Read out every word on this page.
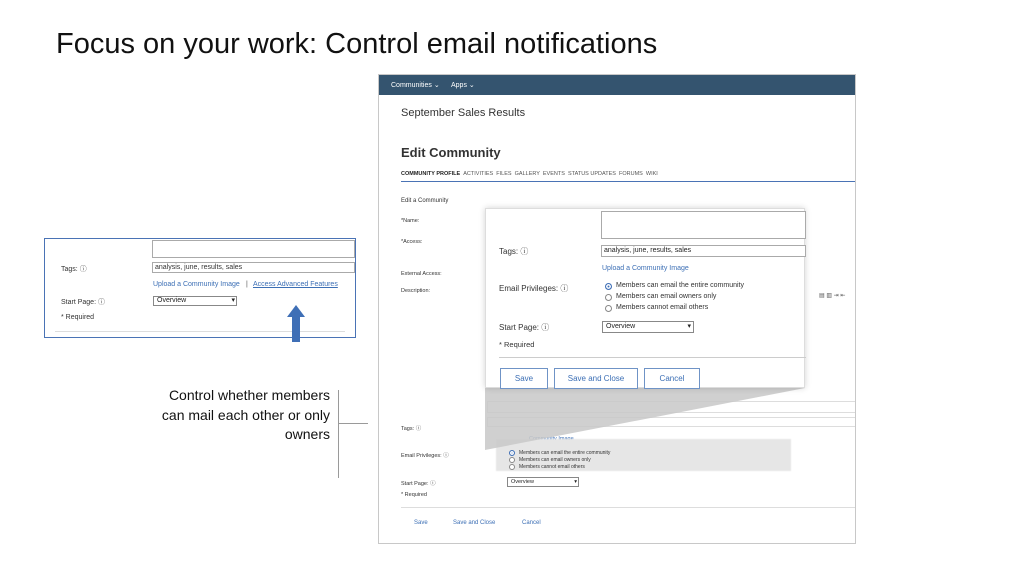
Focus on your work: Control email notifications
Tags: ⓘ	analysis, june, results, sales
Upload a Community Image | Access Advanced Features
Start Page: ⓘ	Overview	▾
* Required
Control whether members can mail each other or only owners
Communities ⌄ Apps ⌄
September Sales Results
Edit Community
COMMUNITY PROFILE ACTIVITIES FILES GALLERY EVENTS STATUS UPDATES FORUMS WIKI
Edit a Community
*Name:
*Access:
External Access:
Description:
▤ ▥ ⇥ ⇤
Tags: ⓘ
Email Privileges: ⓘ	Members can email the entire community
Members can email owners only
Members cannot email others
Start Page: ⓘ	Overview	▾
* Required
Save	Save and Close	Cancel
Tags: ⓘ	analysis, june, results, sales
Upload a Community Image
Email Privileges: ⓘ	Members can email the entire community
Members can email owners only
Members cannot email others
Start Page: ⓘ	Overview	▾
* Required
Save	Save and Close	Cancel
